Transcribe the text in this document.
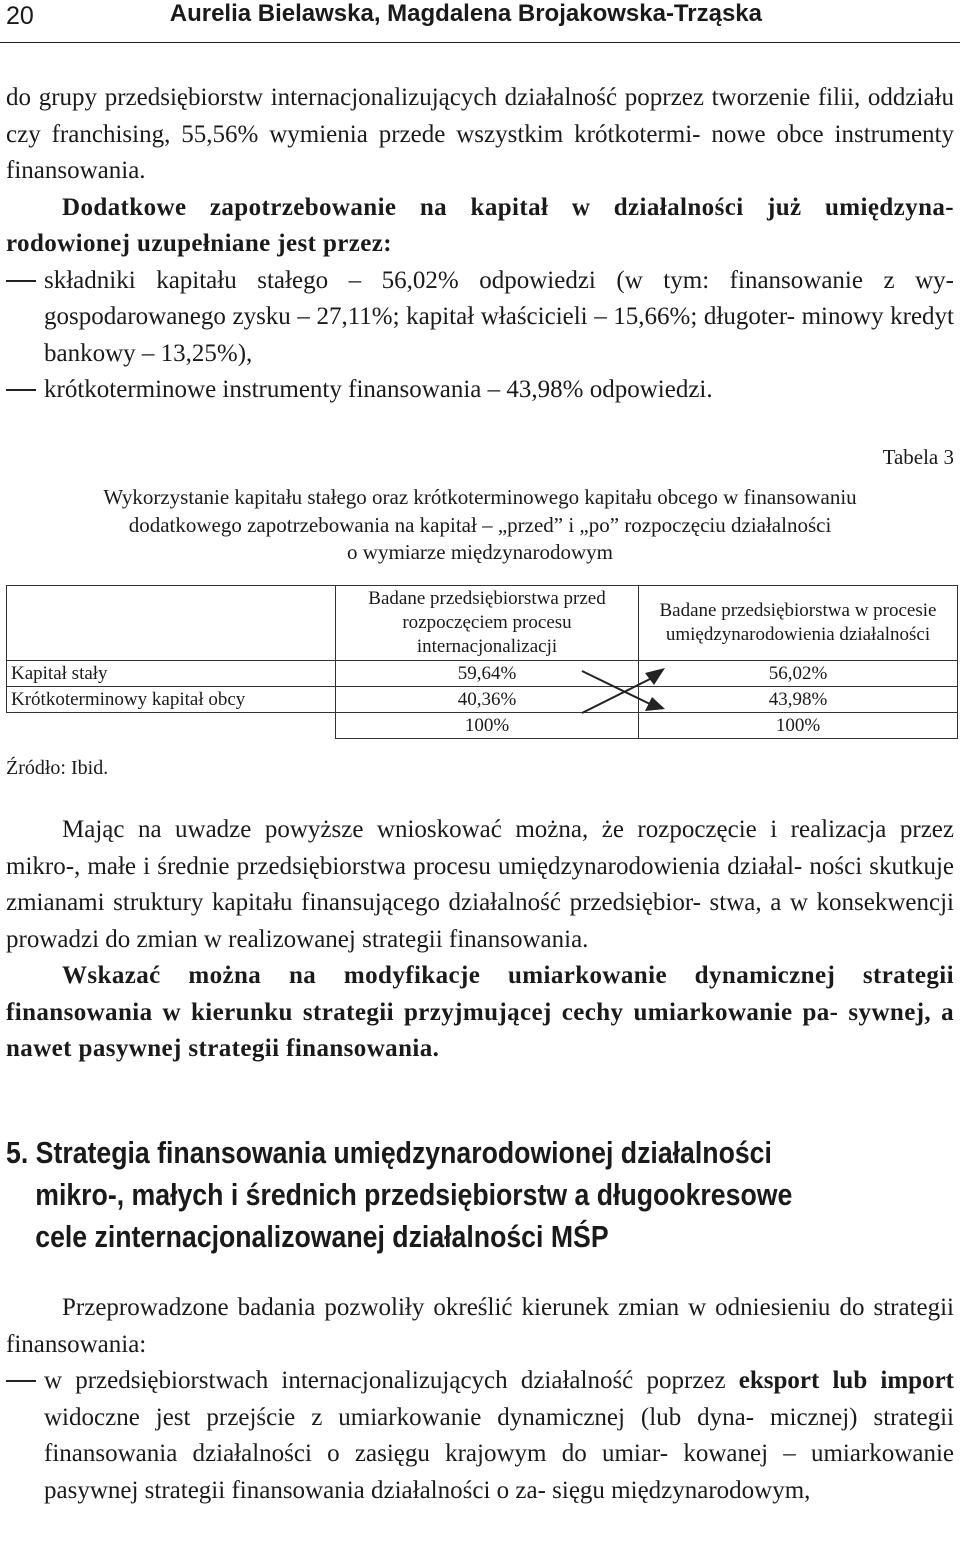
20	Aurelia Bielawska, Magdalena Brojakowska-Trząska

do grupy przedsiębiorstw internacjonalizujących działalność poprzez tworzenie filii, oddziału czy franchising, 55,56% wymienia przede wszystkim krótkotermi- nowe obce instrumenty finansowania.

Dodatkowe zapotrzebowanie na kapitał w działalności już umiędzyna- rodowionej uzupełniane jest przez:

składniki kapitału stałego – 56,02% odpowiedzi (w tym: finansowanie z wy- gospodarowanego zysku – 27,11%; kapitał właścicieli – 15,66%; długoter- minowy kredyt bankowy – 13,25%),
krótkoterminowe instrumenty finansowania – 43,98% odpowiedzi.
Tabela 3
Wykorzystanie kapitału stałego oraz krótkoterminowego kapitału obcego w finansowaniu
dodatkowego zapotrzebowania na kapitał – „przed” i „po” rozpoczęciu działalności
o wymiarze międzynarodowym
	Badane przedsiębiorstwa przed rozpoczęciem procesu internacjonalizacji	Badane przedsiębiorstwa w procesie umiędzynarodowienia działalności
Kapitał stały	59,64%	56,02%
Krótkoterminowy kapitał obcy	40,36%	43,98%
	100%	100%
Źródło: Ibid.

Mając na uwadze powyższe wnioskować można, że rozpoczęcie i realizacja przez mikro-, małe i średnie przedsiębiorstwa procesu umiędzynarodowienia działal- ności skutkuje zmianami struktury kapitału finansującego działalność przedsiębior- stwa, a w konsekwencji prowadzi do zmian w realizowanej strategii finansowania.

Wskazać można na modyfikacje umiarkowanie dynamicznej strategii finansowania w kierunku strategii przyjmującej cechy umiarkowanie pa- sywnej, a nawet pasywnej strategii finansowania.

5. Strategia finansowania umiędzynarodowionej działalności
mikro-, małych i średnich przedsiębiorstw a długookresowe
cele zinternacjonalizowanej działalności MŚP

Przeprowadzone badania pozwoliły określić kierunek zmian w odniesieniu do strategii finansowania:

w przedsiębiorstwach internacjonalizujących działalność poprzez eksport lub import widoczne jest przejście z umiarkowanie dynamicznej (lub dyna- micznej) strategii finansowania działalności o zasięgu krajowym do umiar- kowanej – umiarkowanie pasywnej strategii finansowania działalności o za- sięgu międzynarodowym,
